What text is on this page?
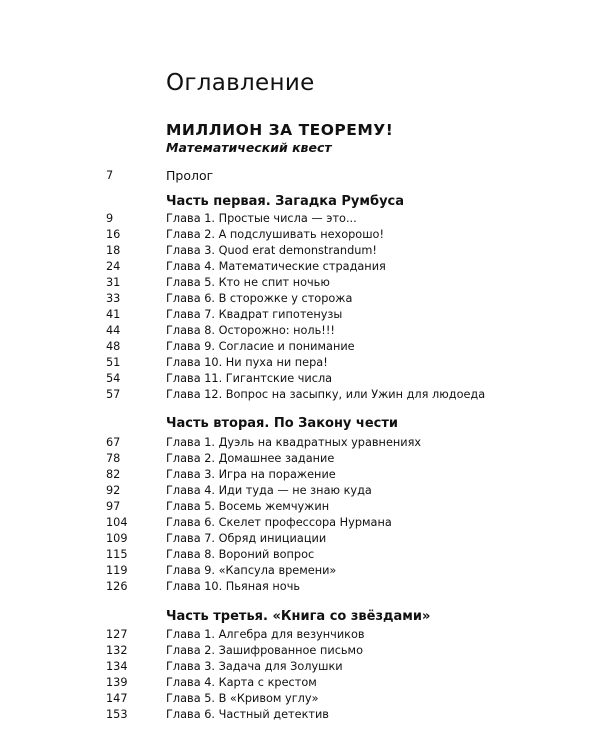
Оглавление
МИЛЛИОН ЗА ТЕОРЕМУ!
Математический квест
7	Пролог
Часть первая. Загадка Румбуса
9	Глава 1. Простые числа — это...
16	Глава 2. А подслушивать нехорошо!
18	Глава 3. Quod erat demonstrandum!
24	Глава 4. Математические страдания
31	Глава 5. Кто не спит ночью
33	Глава 6. В сторожке у сторожа
41	Глава 7. Квадрат гипотенузы
44	Глава 8. Осторожно: ноль!!!
48	Глава 9. Согласие и понимание
51	Глава 10. Ни пуха ни пера!
54	Глава 11. Гигантские числа
57	Глава 12. Вопрос на засыпку, или Ужин для людоеда
Часть вторая. По Закону чести
67	Глава 1. Дуэль на квадратных уравнениях
78	Глава 2. Домашнее задание
82	Глава 3. Игра на поражение
92	Глава 4. Иди туда — не знаю куда
97	Глава 5. Восемь жемчужин
104	Глава 6. Скелет профессора Нурмана
109	Глава 7. Обряд инициации
115	Глава 8. Вороний вопрос
119	Глава 9. «Капсула времени»
126	Глава 10. Пьяная ночь
Часть третья. «Книга со звёздами»
127	Глава 1. Алгебра для везунчиков
132	Глава 2. Зашифрованное письмо
134	Глава 3. Задача для Золушки
139	Глава 4. Карта с крестом
147	Глава 5. В «Кривом углу»
153	Глава 6. Частный детектив
